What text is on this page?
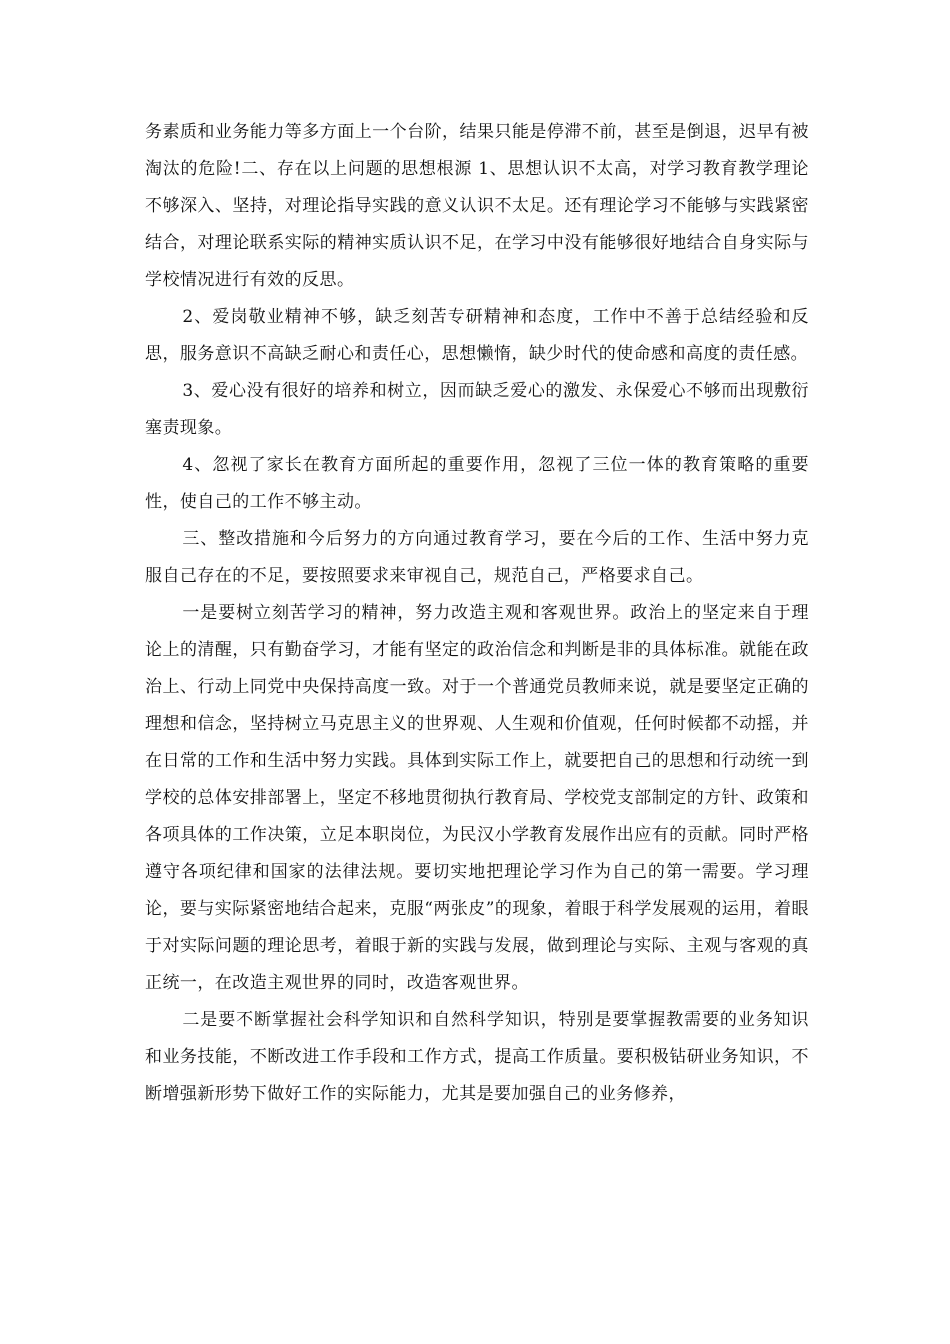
务素质和业务能力等多方面上一个台阶，结果只能是停滞不前，甚至是倒退，迟早有被淘汰的危险!二、存在以上问题的思想根源 1、思想认识不太高，对学习教育教学理论不够深入、坚持，对理论指导实践的意义认识不太足。还有理论学习不能够与实践紧密结合，对理论联系实际的精神实质认识不足，在学习中没有能够很好地结合自身实际与学校情况进行有效的反思。

2、爱岗敬业精神不够，缺乏刻苦专研精神和态度，工作中不善于总结经验和反思，服务意识不高缺乏耐心和责任心，思想懒惰，缺少时代的使命感和高度的责任感。

3、爱心没有很好的培养和树立，因而缺乏爱心的激发、永保爱心不够而出现敷衍塞责现象。

4、忽视了家长在教育方面所起的重要作用，忽视了三位一体的教育策略的重要性，使自己的工作不够主动。

三、整改措施和今后努力的方向通过教育学习，要在今后的工作、生活中努力克服自己存在的不足，要按照要求来审视自己，规范自己，严格要求自己。

一是要树立刻苦学习的精神，努力改造主观和客观世界。政治上的坚定来自于理论上的清醒，只有勤奋学习，才能有坚定的政治信念和判断是非的具体标准。就能在政治上、行动上同党中央保持高度一致。对于一个普通党员教师来说，就是要坚定正确的理想和信念，坚持树立马克思主义的世界观、人生观和价值观，任何时候都不动摇，并在日常的工作和生活中努力实践。具体到实际工作上，就要把自己的思想和行动统一到学校的总体安排部署上，坚定不移地贯彻执行教育局、学校党支部制定的方针、政策和各项具体的工作决策，立足本职岗位，为民汉小学教育发展作出应有的贡献。同时严格遵守各项纪律和国家的法律法规。要切实地把理论学习作为自己的第一需要。学习理论，要与实际紧密地结合起来，克服“两张皮”的现象，着眼于科学发展观的运用，着眼于对实际问题的理论思考，着眼于新的实践与发展，做到理论与实际、主观与客观的真正统一，在改造主观世界的同时，改造客观世界。

二是要不断掌握社会科学知识和自然科学知识，特别是要掌握教需要的业务知识和业务技能，不断改进工作手段和工作方式，提高工作质量。要积极钻研业务知识，不断增强新形势下做好工作的实际能力，尤其是要加强自己的业务修养，
